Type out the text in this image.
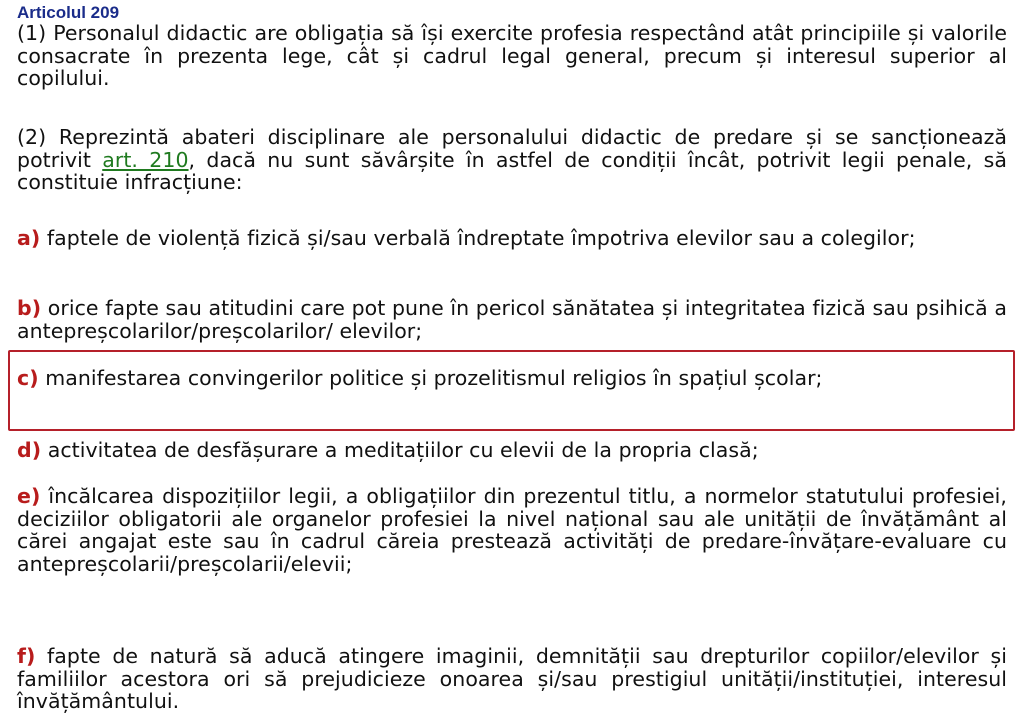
Articolul 209
(1) Personalul didactic are obligația să își exercite profesia respectând atât principiile și valorile consacrate în prezenta lege, cât și cadrul legal general, precum și interesul superior al copilului.
(2) Reprezintă abateri disciplinare ale personalului didactic de predare și se sancționează potrivit art. 210, dacă nu sunt săvârșite în astfel de condiții încât, potrivit legii penale, să constituie infracțiune:
a) faptele de violență fizică și/sau verbală îndreptate împotriva elevilor sau a colegilor;
b) orice fapte sau atitudini care pot pune în pericol sănătatea și integritatea fizică sau psihică a antepreșcolarilor/preșcolarilor/ elevilor;
c) manifestarea convingerilor politice și prozelitismul religios în spațiul școlar;
d) activitatea de desfășurare a meditațiilor cu elevii de la propria clasă;
e) încălcarea dispozițiilor legii, a obligațiilor din prezentul titlu, a normelor statutului profesiei, deciziilor obligatorii ale organelor profesiei la nivel național sau ale unității de învățământ al cărei angajat este sau în cadrul căreia prestează activități de predare-învățare-evaluare cu antepreșcolarii/preșcolarii/elevii;
f) fapte de natură să aducă atingere imaginii, demnității sau drepturilor copiilor/elevilor și familiilor acestora ori să prejudicieze onoarea și/sau prestigiul unității/instituției, interesul învățământului.
